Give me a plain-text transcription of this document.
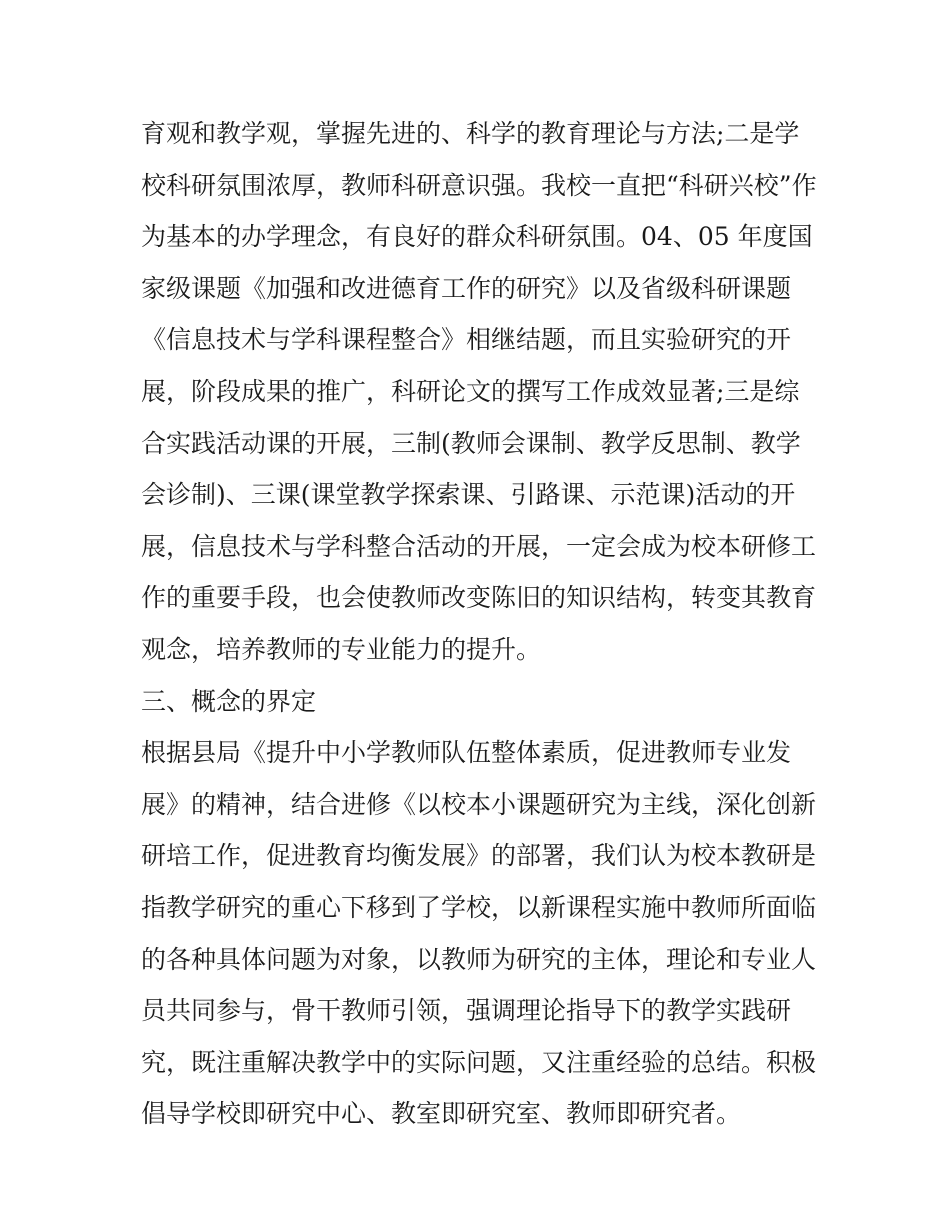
育观和教学观，掌握先进的、科学的教育理论与方法;二是学
校科研氛围浓厚，教师科研意识强。我校一直把“科研兴校”作
为基本的办学理念，有良好的群众科研氛围。04、05 年度国
家级课题《加强和改进德育工作的研究》以及省级科研课题
《信息技术与学科课程整合》相继结题，而且实验研究的开
展，阶段成果的推广，科研论文的撰写工作成效显著;三是综
合实践活动课的开展，三制(教师会课制、教学反思制、教学
会诊制)、三课(课堂教学探索课、引路课、示范课)活动的开
展，信息技术与学科整合活动的开展，一定会成为校本研修工
作的重要手段，也会使教师改变陈旧的知识结构，转变其教育
观念，培养教师的专业能力的提升。
三、概念的界定
根据县局《提升中小学教师队伍整体素质，促进教师专业发
展》的精神，结合进修《以校本小课题研究为主线，深化创新
研培工作，促进教育均衡发展》的部署，我们认为校本教研是
指教学研究的重心下移到了学校，以新课程实施中教师所面临
的各种具体问题为对象，以教师为研究的主体，理论和专业人
员共同参与，骨干教师引领，强调理论指导下的教学实践研
究，既注重解决教学中的实际问题，又注重经验的总结。积极
倡导学校即研究中心、教室即研究室、教师即研究者。
